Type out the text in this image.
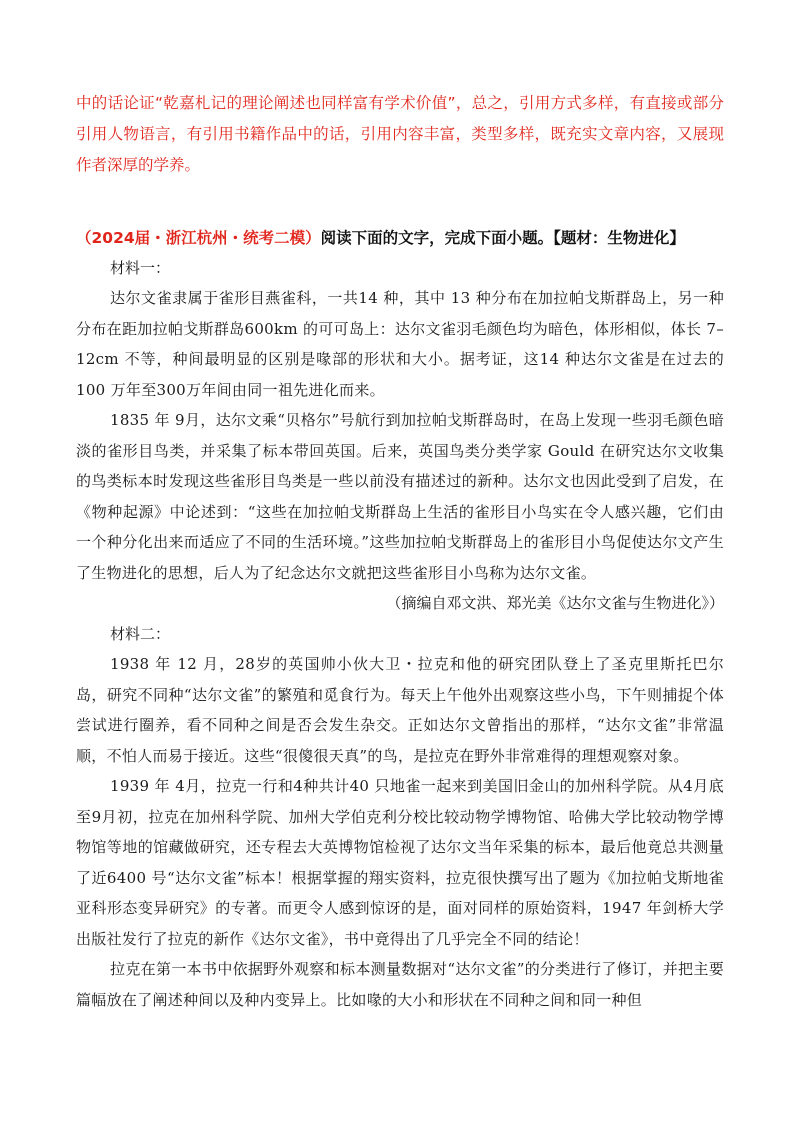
中的话论证“乾嘉札记的理论阐述也同样富有学术价值”，总之，引用方式多样，有直接或部分引用人物语言，有引用书籍作品中的话，引用内容丰富，类型多样，既充实文章内容，又展现作者深厚的学养。

（2024届・浙江杭州・统考二模）阅读下面的文字，完成下面小题。【题材：生物进化】

材料一：

达尔文雀隶属于雀形目燕雀科，一共14 种，其中 13 种分布在加拉帕戈斯群岛上，另一种分布在距加拉帕戈斯群岛600km 的可可岛上：达尔文雀羽毛颜色均为暗色，体形相似，体长 7–12cm 不等，种间最明显的区别是喙部的形状和大小。据考证，这14 种达尔文雀是在过去的100 万年至300万年间由同一祖先进化而来。

1835 年 9月，达尔文乘“贝格尔”号航行到加拉帕戈斯群岛时，在岛上发现一些羽毛颜色暗淡的雀形目鸟类，并采集了标本带回英国。后来，英国鸟类分类学家 Gould 在研究达尔文收集的鸟类标本时发现这些雀形目鸟类是一些以前没有描述过的新种。达尔文也因此受到了启发，在《物种起源》中论述到：“这些在加拉帕戈斯群岛上生活的雀形目小鸟实在令人感兴趣，它们由一个种分化出来而适应了不同的生活环境。”这些加拉帕戈斯群岛上的雀形目小鸟促使达尔文产生了生物进化的思想，后人为了纪念达尔文就把这些雀形目小鸟称为达尔文雀。

（摘编自邓文洪、郑光美《达尔文雀与生物进化》）

材料二：

1938 年 12 月，28岁的英国帅小伙大卫・拉克和他的研究团队登上了圣克里斯托巴尔岛，研究不同种“达尔文雀”的繁殖和觅食行为。每天上午他外出观察这些小鸟，下午则捕捉个体尝试进行圈养，看不同种之间是否会发生杂交。正如达尔文曾指出的那样，“达尔文雀”非常温顺，不怕人而易于接近。这些“很傻很天真”的鸟，是拉克在野外非常难得的理想观察对象。

1939 年 4月，拉克一行和4种共计40 只地雀一起来到美国旧金山的加州科学院。从4月底至9月初，拉克在加州科学院、加州大学伯克利分校比较动物学博物馆、哈佛大学比较动物学博物馆等地的馆藏做研究，还专程去大英博物馆检视了达尔文当年采集的标本，最后他竟总共测量了近6400 号“达尔文雀”标本！根据掌握的翔实资料，拉克很快撰写出了题为《加拉帕戈斯地雀亚科形态变异研究》的专著。而更令人感到惊讶的是，面对同样的原始资料，1947 年剑桥大学出版社发行了拉克的新作《达尔文雀》，书中竟得出了几乎完全不同的结论！

拉克在第一本书中依据野外观察和标本测量数据对“达尔文雀”的分类进行了修订，并把主要篇幅放在了阐述种间以及种内变异上。比如喙的大小和形状在不同种之间和同一种但
